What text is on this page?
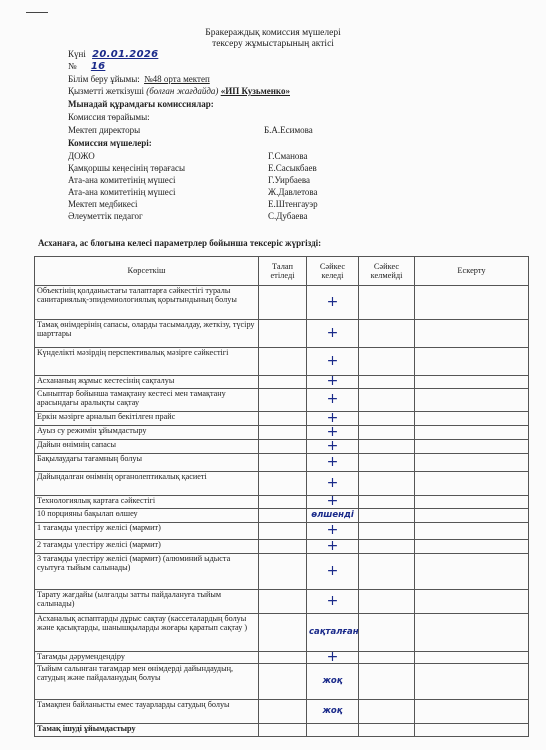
Бракераждық комиссия мүшелері
тексеру жұмыстарының актісі
Күні 20.01.2026
№ 16
Білім беру ұйымы: №48 орта мектеп
Қызметті жеткізуші (болған жағдайда) «ИП Кузьменко»
Мынадай құрамдағы комиссиялар:
Комиссия төрайымы:
Мектеп директоры	Б.А.Есимова
Комиссия мүшелері:
ДОЖО	Г.Сманова
Қамқоршы кеңесінің төрағасы	Е.Сасыкбаев
Ата-ана комитетінің мүшесі	Г.Уирбаева
Ата-ана комитетінің мүшесі	Ж.Давлетова
Мектеп медбикесі	Е.Штенгауэр
Әлеуметтік педагог	С.Дубаева
Асханаға, ас блогына келесі параметрлер бойынша тексеріс жүргізді:
Көрсеткіш	Талап етіледі	Сәйкес келеді	Сәйкес келмейді	Ескерту
Объектінің қолданыстағы талаптарға сәйкестігі туралы санитариялық-эпидемиологиялық қорытындының болуы		+		
Тамақ өнімдерінің сапасы, оларды тасымалдау, жеткізу, түсіру шарттары		+		
Күнделікті мәзірдің перспективалық мәзірге сәйкестігі		+		
Асхананың жұмыс кестесінің сақталуы		+		
Сыныптар бойынша тамақтану кестесі мен тамақтану арасындағы аралықты сақтау		+		
Еркін мәзірге арналып бекітілген прайс		+		
Ауыз су режимін ұйымдастыру		+		
Дайын өнімнің сапасы		+		
Бақылаудағы тағамның болуы		+		
Дайындалған өнімнің органолептикалық қасиеті		+		
Технологиялық картаға сәйкестігі		+		
10 порцияны бақылап өлшеу		өлшенді		
1 тағамды үлестіру желісі (мармит)		+		
2 тағамды үлестіру желісі (мармит)		+		
3 тағамды үлестіру желісі (мармит) (алюминий ыдыста суытуға тыйым салынады)		+		
Тарату жағдайы (ылғалды затты пайдалануға тыйым салынады)		+		
Асханалық аспаптарды дұрыс сақтау (кассеталардың болуы және қасықтарды, шанышқыларды жоғары қаратып сақтау )		сақталған		
Тағамды дәрумендендіру		+		
Тыйым салынған тағамдар мен өнімдерді дайындаудың, сатудың және пайдаланудың болуы		жоқ		
Тамақпен байланысты емес тауарларды сатудың болуы		жоқ		
Тамақ ішуді ұйымдастыру				
